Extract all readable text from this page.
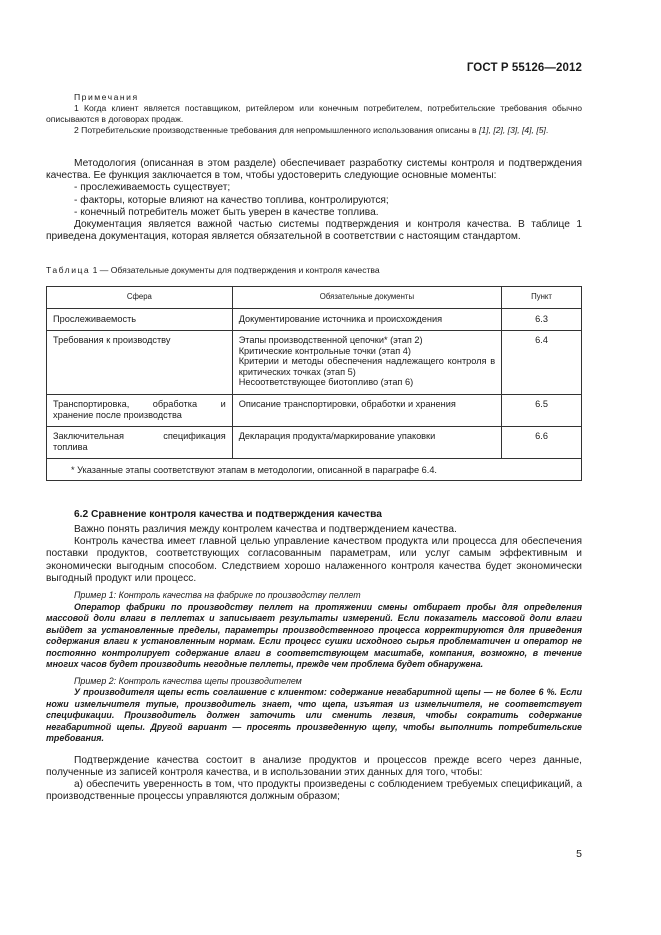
ГОСТ Р 55126—2012

Примечания

1 Когда клиент является поставщиком, ритейлером или конечным потребителем, потребительские требования обычно описываются в договорах продаж.

2 Потребительские производственные требования для непромышленного использования описаны в [1], [2], [3], [4], [5].

Методология (описанная в этом разделе) обеспечивает разработку системы контроля и подтверждения качества. Ее функция заключается в том, чтобы удостоверить следующие основные моменты:

- прослеживаемость существует;

- факторы, которые влияют на качество топлива, контролируются;

- конечный потребитель может быть уверен в качестве топлива.

Документация является важной частью системы подтверждения и контроля качества. В таблице 1 приведена документация, которая является обязательной в соответствии с настоящим стандартом.

Таблица 1 — Обязательные документы для подтверждения и контроля качества
Сфера	Обязательные документы	Пункт
Прослеживаемость	Документирование источника и происхождения	6.3
Требования к производству	Этапы производственной цепочки* (этап 2)
Критические контрольные точки (этап 4)
Критерии и методы обеспечения надлежащего контроля в критических точках (этап 5)
Несоответствующее биотопливо (этап 6)	6.4
Транспортировка, обработка и хранение после производства	Описание транспортировки, обработки и хранения	6.5
Заключительная спецификация топлива	Декларация продукта/маркирование упаковки	6.6
* Указанные этапы соответствуют этапам в методологии, описанной в параграфе 6.4.		

6.2 Сравнение контроля качества и подтверждения качества

Важно понять различия между контролем качества и подтверждением качества.

Контроль качества имеет главной целью управление качеством продукта или процесса для обеспечения поставки продуктов, соответствующих согласованным параметрам, или услуг самым эффективным и экономически выгодным способом. Следствием хорошо налаженного контроля качества будет экономически выгодный продукт или процесс.

Пример 1: Контроль качества на фабрике по производству пеллет

Оператор фабрики по производству пеллет на протяжении смены отбирает пробы для определения массовой доли влаги в пеллетах и записывает результаты измерений. Если показатель массовой доли влаги выйдет за установленные пределы, параметры производственного процесса корректируются для приведения содержания влаги к установленным нормам. Если процесс сушки исходного сырья проблематичен и оператор не постоянно контролирует содержание влаги в соответствующем масштабе, компания, возможно, в течение многих часов будет производить негодные пеллеты, прежде чем проблема будет обнаружена.

Пример 2: Контроль качества щепы производителем

У производителя щепы есть соглашение с клиентом: содержание негабаритной щепы — не более 6 %. Если ножи измельчителя тупые, производитель знает, что щепа, изъятая из измельчителя, не соответствует спецификации. Производитель должен заточить или сменить лезвия, чтобы сократить содержание негабаритной щепы. Другой вариант — просеять произведенную щепу, чтобы выполнить потребительские требования.

Подтверждение качества состоит в анализе продуктов и процессов прежде всего через данные, полученные из записей контроля качества, и в использовании этих данных для того, чтобы:

а) обеспечить уверенность в том, что продукты произведены с соблюдением требуемых спецификаций, а производственные процессы управляются должным образом;

5
